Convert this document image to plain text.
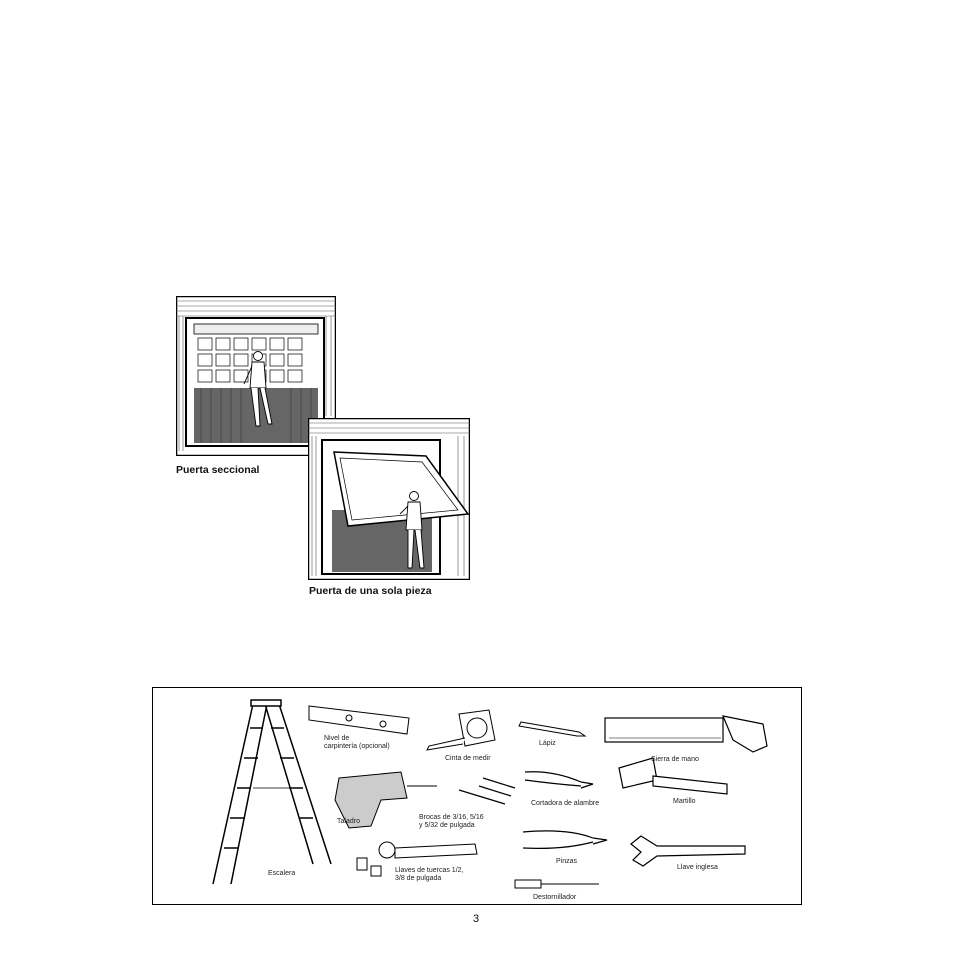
Puerta seccional
Puerta de una sola pieza
Nivel de
carpintería (opcional)
Cinta de medir
Lápiz
Sierra de mano
Taladro
Brocas de 3/16, 5/16
y 5/32 de pulgada
Cortadora de alambre	Martillo
Pinzas
Llave inglesa
Escalera	Llaves de tuercas 1/2,
3/8 de pulgada
Destornillador
3
